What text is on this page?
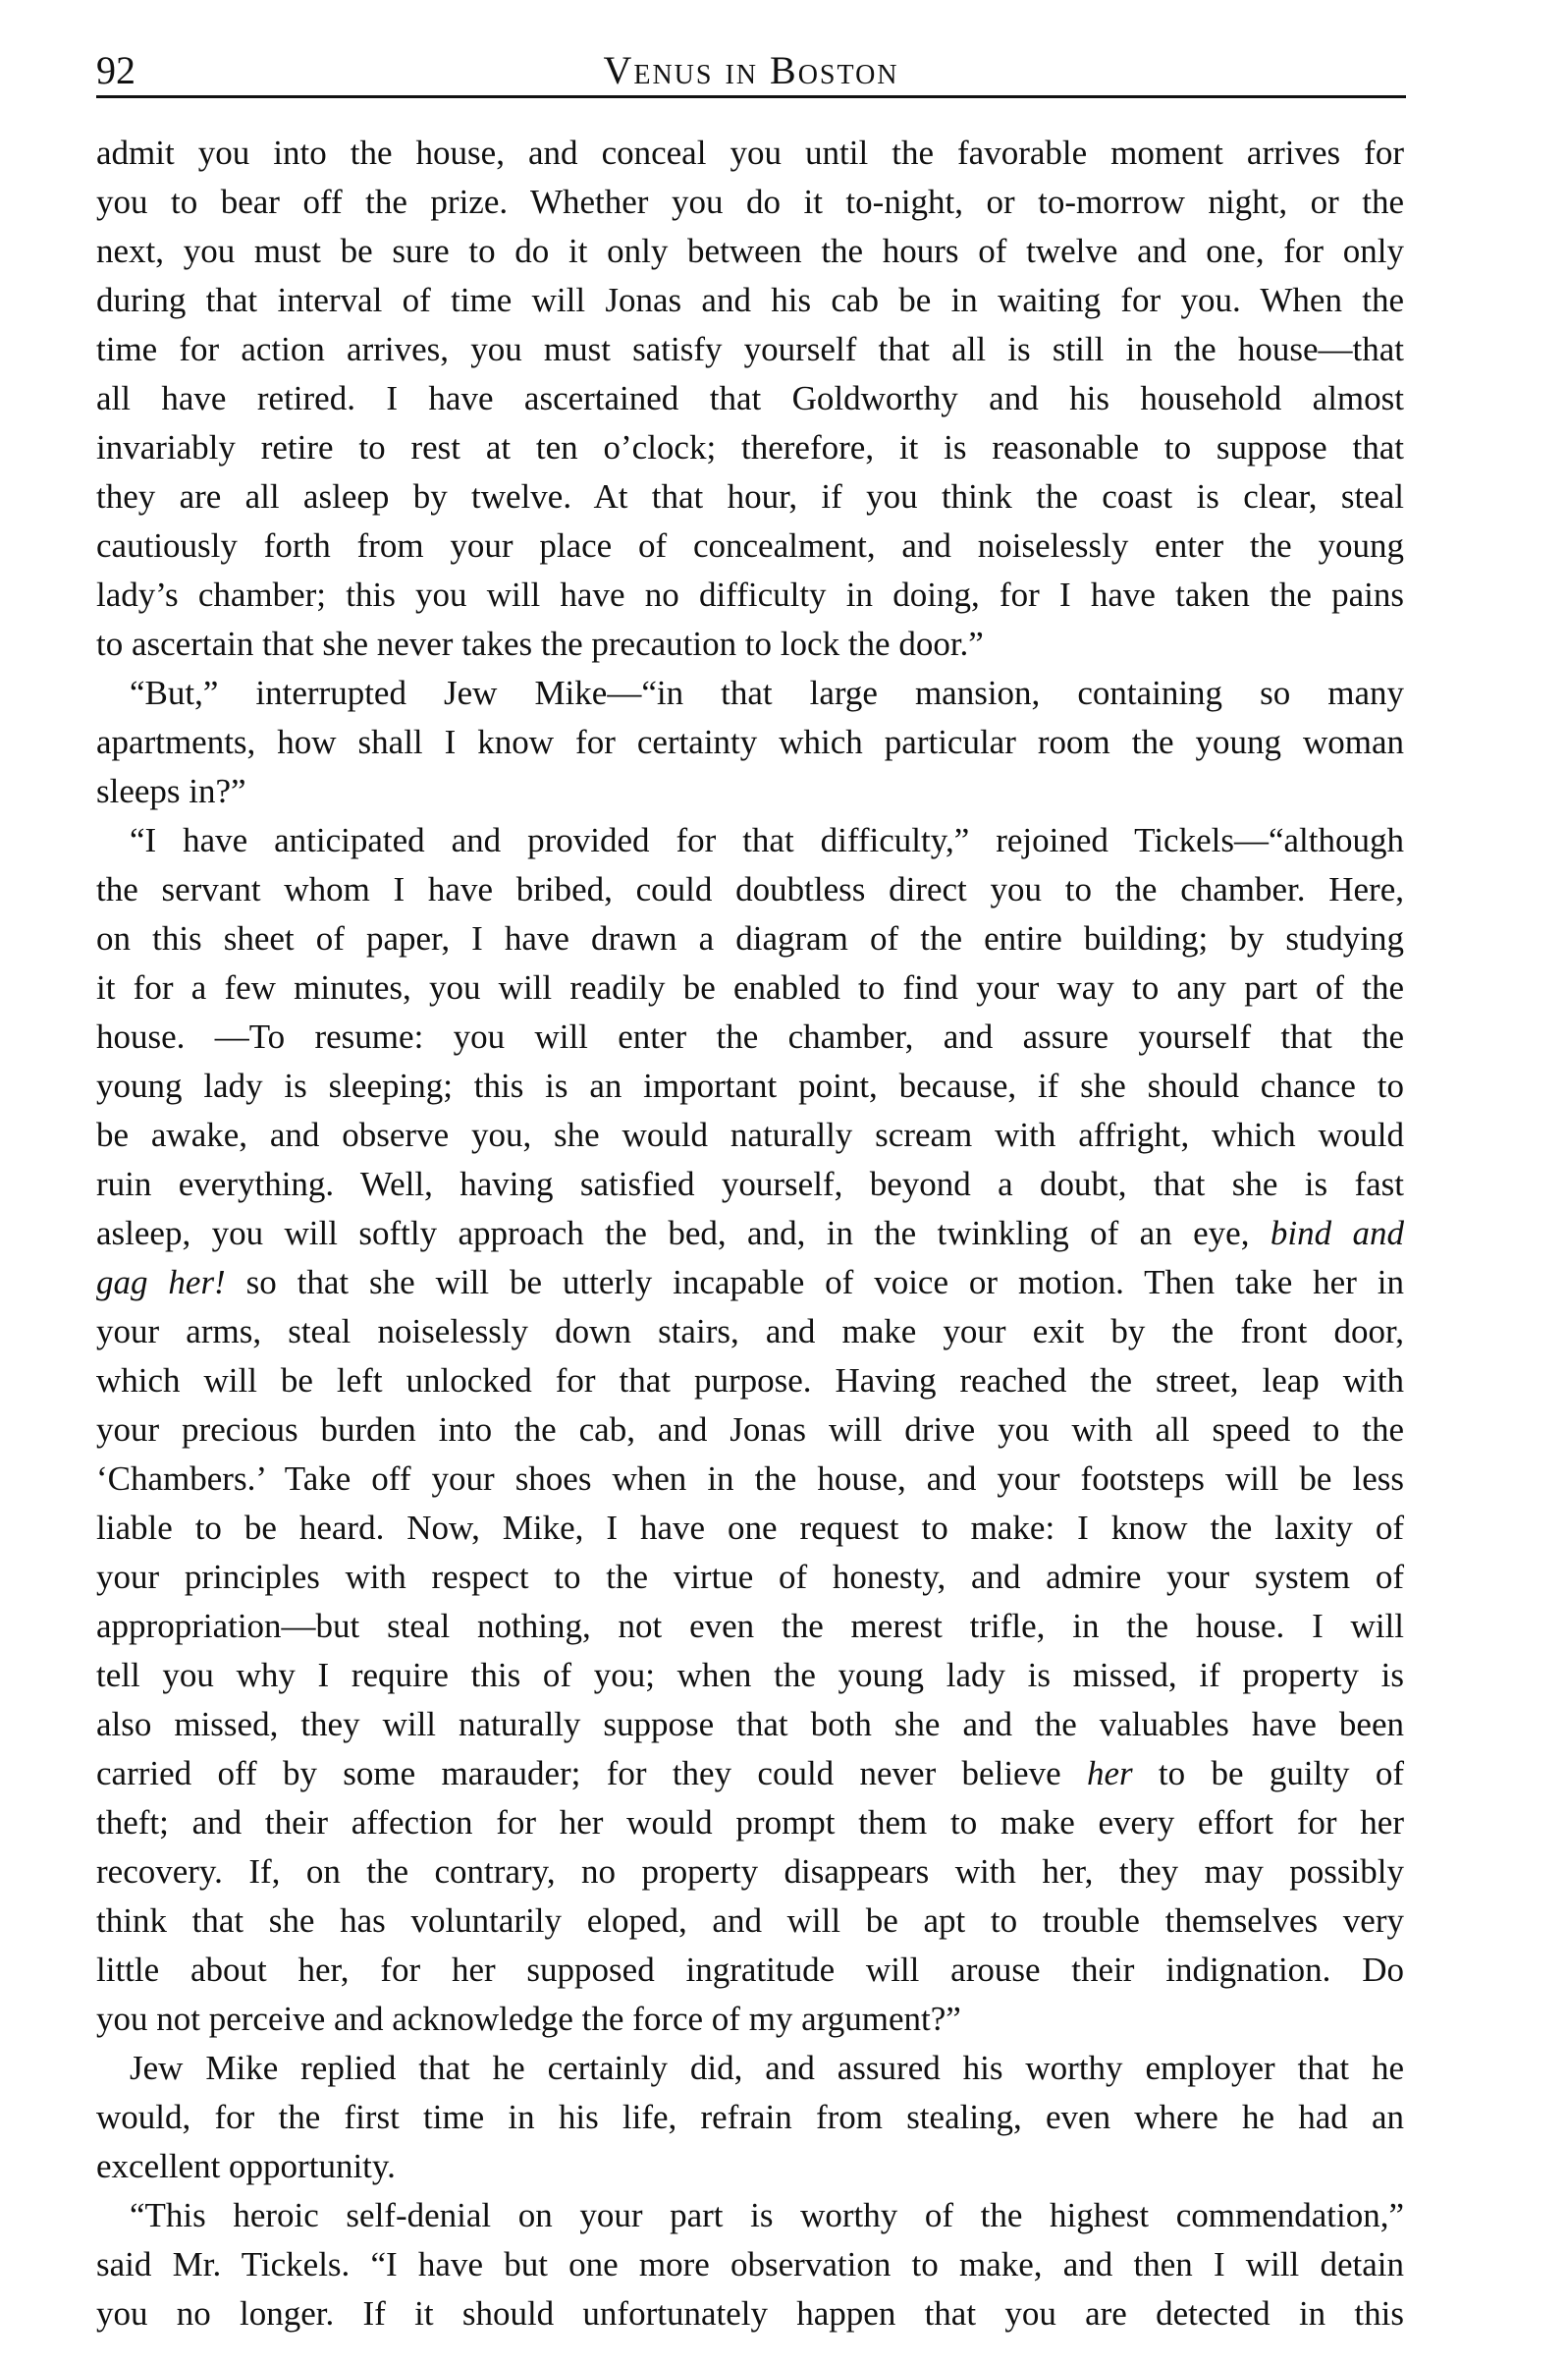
92	Venus in Boston
admit you into the house, and conceal you until the favorable moment arrives for
you to bear off the prize. Whether you do it to-night, or to-morrow night, or the
next, you must be sure to do it only between the hours of twelve and one, for only
during that interval of time will Jonas and his cab be in waiting for you. When the
time for action arrives, you must satisfy yourself that all is still in the house—that
all have retired. I have ascertained that Goldworthy and his household almost
invariably retire to rest at ten o’clock; therefore, it is reasonable to suppose that
they are all asleep by twelve. At that hour, if you think the coast is clear, steal
cautiously forth from your place of concealment, and noiselessly enter the young
lady’s chamber; this you will have no difficulty in doing, for I have taken the pains
to ascertain that she never takes the precaution to lock the door.”
“But,” interrupted Jew Mike—“in that large mansion, containing so many
apartments, how shall I know for certainty which particular room the young woman
sleeps in?”
“I have anticipated and provided for that difficulty,” rejoined Tickels—“although
the servant whom I have bribed, could doubtless direct you to the chamber. Here,
on this sheet of paper, I have drawn a diagram of the entire building; by studying
it for a few minutes, you will readily be enabled to find your way to any part of the
house. —To resume: you will enter the chamber, and assure yourself that the
young lady is sleeping; this is an important point, because, if she should chance to
be awake, and observe you, she would naturally scream with affright, which would
ruin everything. Well, having satisfied yourself, beyond a doubt, that she is fast
asleep, you will softly approach the bed, and, in the twinkling of an eye, bind and
gag her! so that she will be utterly incapable of voice or motion. Then take her in
your arms, steal noiselessly down stairs, and make your exit by the front door,
which will be left unlocked for that purpose. Having reached the street, leap with
your precious burden into the cab, and Jonas will drive you with all speed to the
‘Chambers.’ Take off your shoes when in the house, and your footsteps will be less
liable to be heard. Now, Mike, I have one request to make: I know the laxity of
your principles with respect to the virtue of honesty, and admire your system of
appropriation—but steal nothing, not even the merest trifle, in the house. I will
tell you why I require this of you; when the young lady is missed, if property is
also missed, they will naturally suppose that both she and the valuables have been
carried off by some marauder; for they could never believe her to be guilty of
theft; and their affection for her would prompt them to make every effort for her
recovery. If, on the contrary, no property disappears with her, they may possibly
think that she has voluntarily eloped, and will be apt to trouble themselves very
little about her, for her supposed ingratitude will arouse their indignation. Do
you not perceive and acknowledge the force of my argument?”
Jew Mike replied that he certainly did, and assured his worthy employer that he
would, for the first time in his life, refrain from stealing, even where he had an
excellent opportunity.
“This heroic self-denial on your part is worthy of the highest commendation,”
said Mr. Tickels. “I have but one more observation to make, and then I will detain
you no longer. If it should unfortunately happen that you are detected in this
